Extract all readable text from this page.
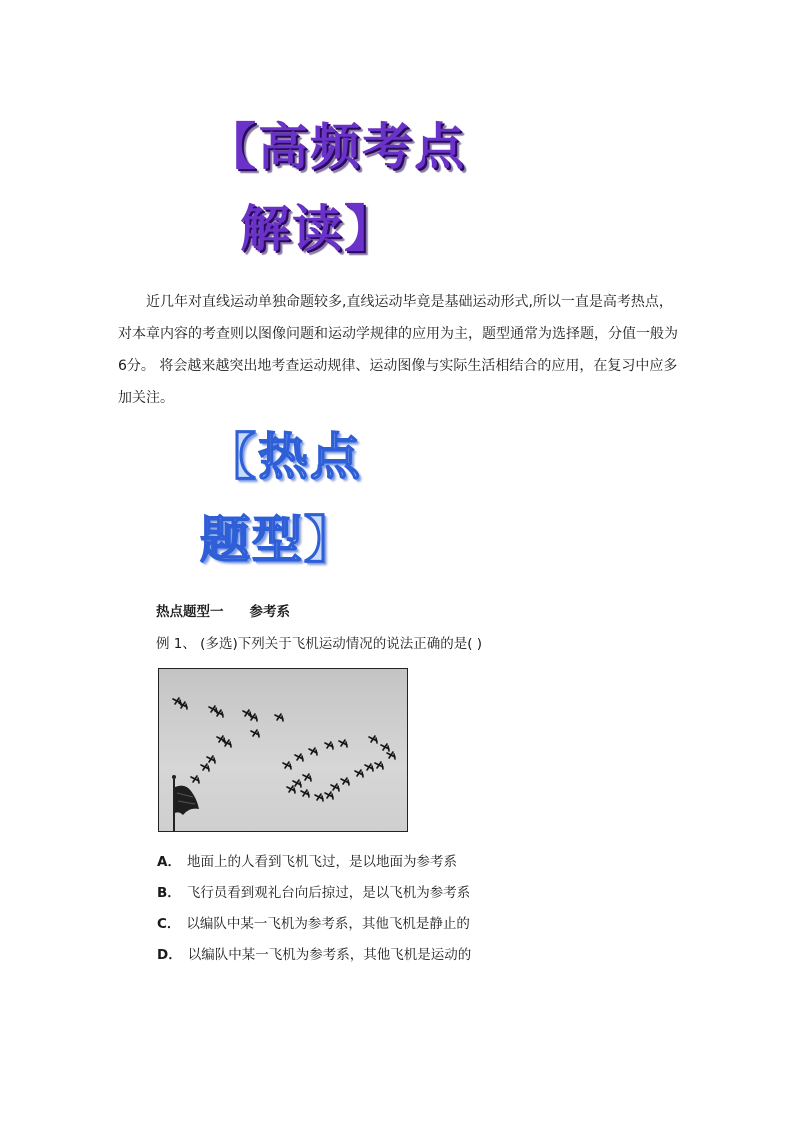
【高频考点
解读】

近几年对直线运动单独命题较多,直线运动毕竟是基础运动形式,所以一直是高考热点，对本章内容的考查则以图像问题和运动学规律的应用为主，题型通常为选择题，分值一般为6分。 将会越来越突出地考查运动规律、运动图像与实际生活相结合的应用，在复习中应多加关注。

【热点
题型】
热点题型一 参考系
例 1、 (多选)下列关于飞机运动情况的说法正确的是( )
A． 地面上的人看到飞机飞过，是以地面为参考系
B． 飞行员看到观礼台向后掠过，是以飞机为参考系
C． 以编队中某一飞机为参考系，其他飞机是静止的
D． 以编队中某一飞机为参考系，其他飞机是运动的
